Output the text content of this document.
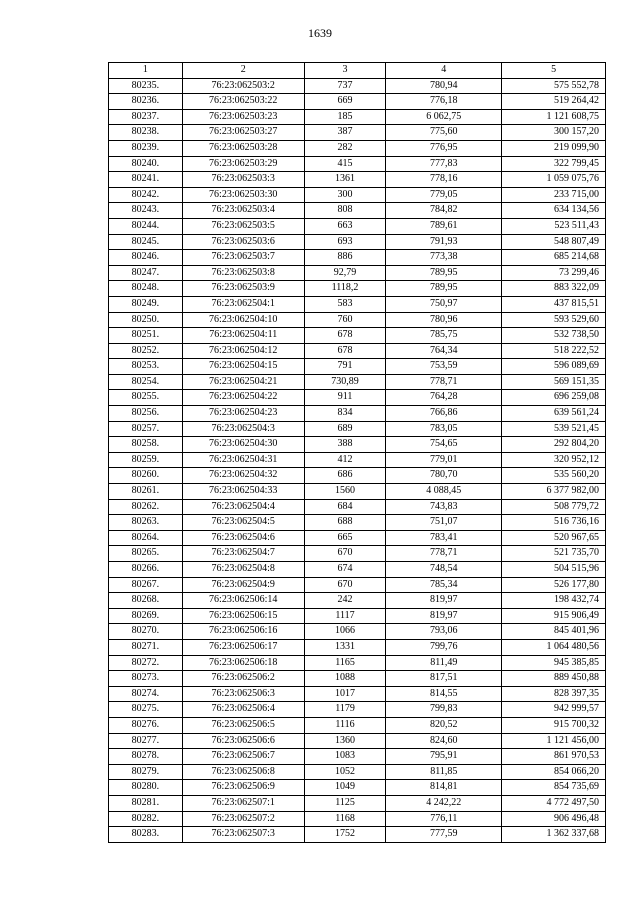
1639
1	2	3	4	5
80235.	76:23:062503:2	737	780,94	575 552,78
80236.	76:23:062503:22	669	776,18	519 264,42
80237.	76:23:062503:23	185	6 062,75	1 121 608,75
80238.	76:23:062503:27	387	775,60	300 157,20
80239.	76:23:062503:28	282	776,95	219 099,90
80240.	76:23:062503:29	415	777,83	322 799,45
80241.	76:23:062503:3	1361	778,16	1 059 075,76
80242.	76:23:062503:30	300	779,05	233 715,00
80243.	76:23:062503:4	808	784,82	634 134,56
80244.	76:23:062503:5	663	789,61	523 511,43
80245.	76:23:062503:6	693	791,93	548 807,49
80246.	76:23:062503:7	886	773,38	685 214,68
80247.	76:23:062503:8	92,79	789,95	73 299,46
80248.	76:23:062503:9	1118,2	789,95	883 322,09
80249.	76:23:062504:1	583	750,97	437 815,51
80250.	76:23:062504:10	760	780,96	593 529,60
80251.	76:23:062504:11	678	785,75	532 738,50
80252.	76:23:062504:12	678	764,34	518 222,52
80253.	76:23:062504:15	791	753,59	596 089,69
80254.	76:23:062504:21	730,89	778,71	569 151,35
80255.	76:23:062504:22	911	764,28	696 259,08
80256.	76:23:062504:23	834	766,86	639 561,24
80257.	76:23:062504:3	689	783,05	539 521,45
80258.	76:23:062504:30	388	754,65	292 804,20
80259.	76:23:062504:31	412	779,01	320 952,12
80260.	76:23:062504:32	686	780,70	535 560,20
80261.	76:23:062504:33	1560	4 088,45	6 377 982,00
80262.	76:23:062504:4	684	743,83	508 779,72
80263.	76:23:062504:5	688	751,07	516 736,16
80264.	76:23:062504:6	665	783,41	520 967,65
80265.	76:23:062504:7	670	778,71	521 735,70
80266.	76:23:062504:8	674	748,54	504 515,96
80267.	76:23:062504:9	670	785,34	526 177,80
80268.	76:23:062506:14	242	819,97	198 432,74
80269.	76:23:062506:15	1117	819,97	915 906,49
80270.	76:23:062506:16	1066	793,06	845 401,96
80271.	76:23:062506:17	1331	799,76	1 064 480,56
80272.	76:23:062506:18	1165	811,49	945 385,85
80273.	76:23:062506:2	1088	817,51	889 450,88
80274.	76:23:062506:3	1017	814,55	828 397,35
80275.	76:23:062506:4	1179	799,83	942 999,57
80276.	76:23:062506:5	1116	820,52	915 700,32
80277.	76:23:062506:6	1360	824,60	1 121 456,00
80278.	76:23:062506:7	1083	795,91	861 970,53
80279.	76:23:062506:8	1052	811,85	854 066,20
80280.	76:23:062506:9	1049	814,81	854 735,69
80281.	76:23:062507:1	1125	4 242,22	4 772 497,50
80282.	76:23:062507:2	1168	776,11	906 496,48
80283.	76:23:062507:3	1752	777,59	1 362 337,68
